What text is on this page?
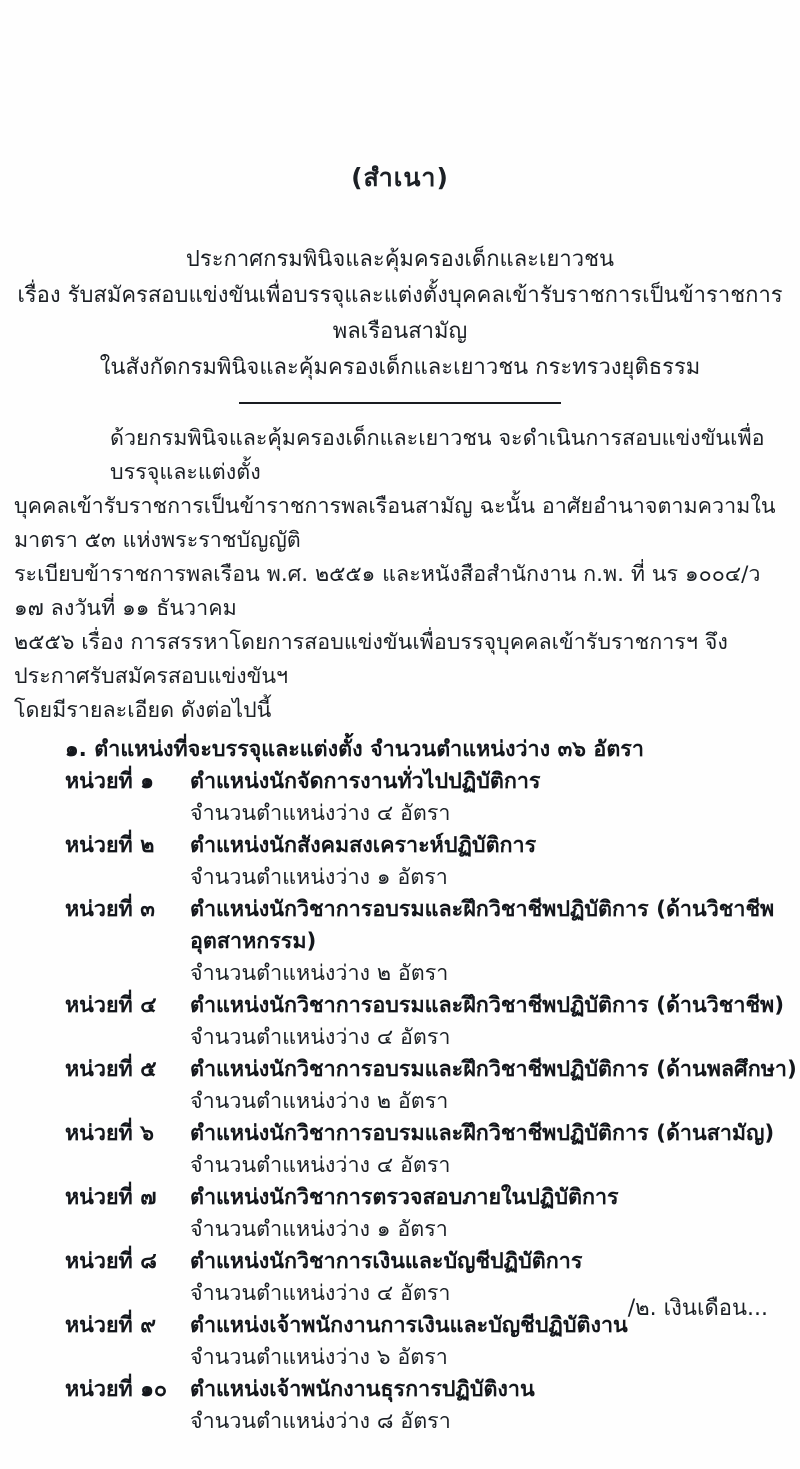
(สำเนา)
ประกาศกรมพินิจและคุ้มครองเด็กและเยาวชน
เรื่อง รับสมัครสอบแข่งขันเพื่อบรรจุและแต่งตั้งบุคคลเข้ารับราชการเป็นข้าราชการพลเรือนสามัญ
ในสังกัดกรมพินิจและคุ้มครองเด็กและเยาวชน กระทรวงยุติธรรม
ด้วยกรมพินิจและคุ้มครองเด็กและเยาวชน จะดำเนินการสอบแข่งขันเพื่อบรรจุและแต่งตั้ง
บุคคลเข้ารับราชการเป็นข้าราชการพลเรือนสามัญ ฉะนั้น อาศัยอำนาจตามความในมาตรา ๕๓ แห่งพระราชบัญญัติ
ระเบียบข้าราชการพลเรือน พ.ศ. ๒๕๕๑ และหนังสือสำนักงาน ก.พ. ที่ นร ๑๐๐๔/ว ๑๗ ลงวันที่ ๑๑ ธันวาคม
๒๕๕๖ เรื่อง การสรรหาโดยการสอบแข่งขันเพื่อบรรจุบุคคลเข้ารับราชการฯ จึงประกาศรับสมัครสอบแข่งขันฯ
โดยมีรายละเอียด ดังต่อไปนี้
๑. ตำแหน่งที่จะบรรจุและแต่งตั้ง จำนวนตำแหน่งว่าง ๓๖ อัตรา
หน่วยที่ ๑	ตำแหน่งนักจัดการงานทั่วไปปฏิบัติการ
จำนวนตำแหน่งว่าง ๔ อัตรา
หน่วยที่ ๒	ตำแหน่งนักสังคมสงเคราะห์ปฏิบัติการ
จำนวนตำแหน่งว่าง ๑ อัตรา
หน่วยที่ ๓	ตำแหน่งนักวิชาการอบรมและฝึกวิชาชีพปฏิบัติการ (ด้านวิชาชีพอุตสาหกรรม)
จำนวนตำแหน่งว่าง ๒ อัตรา
หน่วยที่ ๔	ตำแหน่งนักวิชาการอบรมและฝึกวิชาชีพปฏิบัติการ (ด้านวิชาชีพ)
จำนวนตำแหน่งว่าง ๔ อัตรา
หน่วยที่ ๕	ตำแหน่งนักวิชาการอบรมและฝึกวิชาชีพปฏิบัติการ (ด้านพลศึกษา)
จำนวนตำแหน่งว่าง ๒ อัตรา
หน่วยที่ ๖	ตำแหน่งนักวิชาการอบรมและฝึกวิชาชีพปฏิบัติการ (ด้านสามัญ)
จำนวนตำแหน่งว่าง ๔ อัตรา
หน่วยที่ ๗	ตำแหน่งนักวิชาการตรวจสอบภายในปฏิบัติการ
จำนวนตำแหน่งว่าง ๑ อัตรา
หน่วยที่ ๘	ตำแหน่งนักวิชาการเงินและบัญชีปฏิบัติการ
จำนวนตำแหน่งว่าง ๔ อัตรา
หน่วยที่ ๙	ตำแหน่งเจ้าพนักงานการเงินและบัญชีปฏิบัติงาน
จำนวนตำแหน่งว่าง ๖ อัตรา
หน่วยที่ ๑๐	ตำแหน่งเจ้าพนักงานธุรการปฏิบัติงาน
จำนวนตำแหน่งว่าง ๘ อัตรา
/๒. เงินเดือน...
